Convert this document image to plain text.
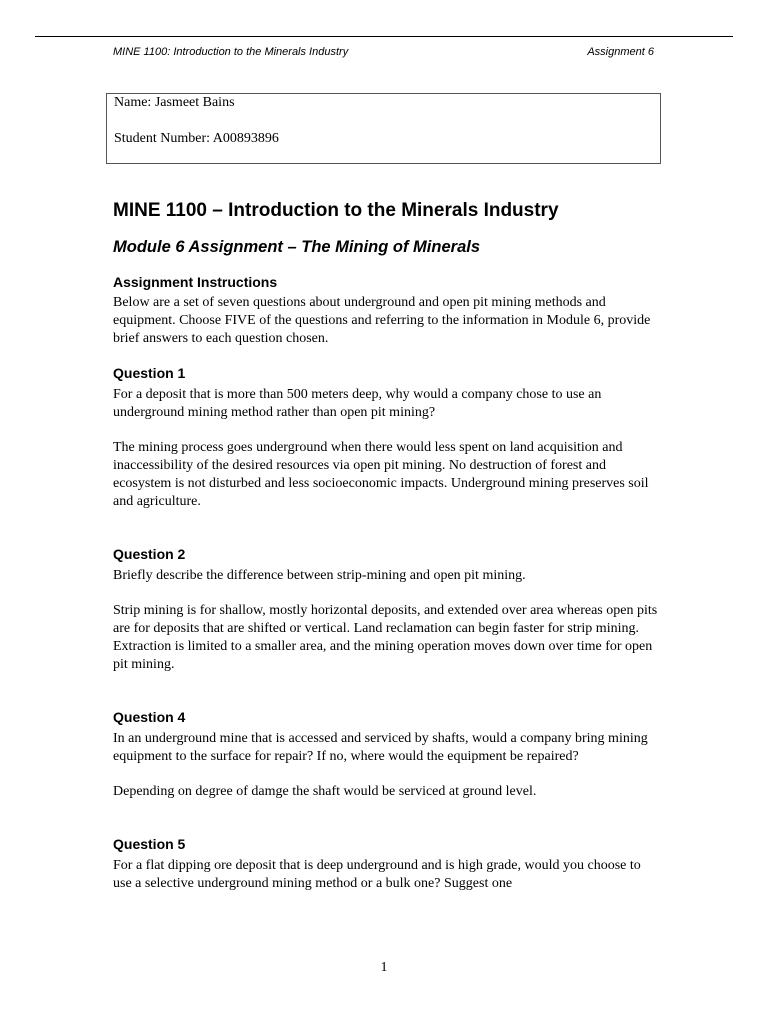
MINE 1100: Introduction to the Minerals Industry	Assignment 6
Name: Jasmeet Bains
Student Number: A00893896
MINE 1100 – Introduction to the Minerals Industry
Module 6 Assignment – The Mining of Minerals
Assignment Instructions

Below are a set of seven questions about underground and open pit mining methods and equipment. Choose FIVE of the questions and referring to the information in Module 6, provide brief answers to each question chosen.

Question 1

For a deposit that is more than 500 meters deep, why would a company chose to use an underground mining method rather than open pit mining?

The mining process goes underground when there would less spent on land acquisition and inaccessibility of the desired resources via open pit mining. No destruction of forest and ecosystem is not disturbed and less socioeconomic impacts. Underground mining preserves soil and agriculture.

Question 2

Briefly describe the difference between strip-mining and open pit mining.

Strip mining is for shallow, mostly horizontal deposits, and extended over area whereas open pits are for deposits that are shifted or vertical. Land reclamation can begin faster for strip mining. Extraction is limited to a smaller area, and the mining operation moves down over time for open pit mining.

Question 4

In an underground mine that is accessed and serviced by shafts, would a company bring mining equipment to the surface for repair? If no, where would the equipment be repaired?

Depending on degree of damge the shaft would be serviced at ground level.

Question 5

For a flat dipping ore deposit that is deep underground and is high grade, would you choose to use a selective underground mining method or a bulk one? Suggest one

1
